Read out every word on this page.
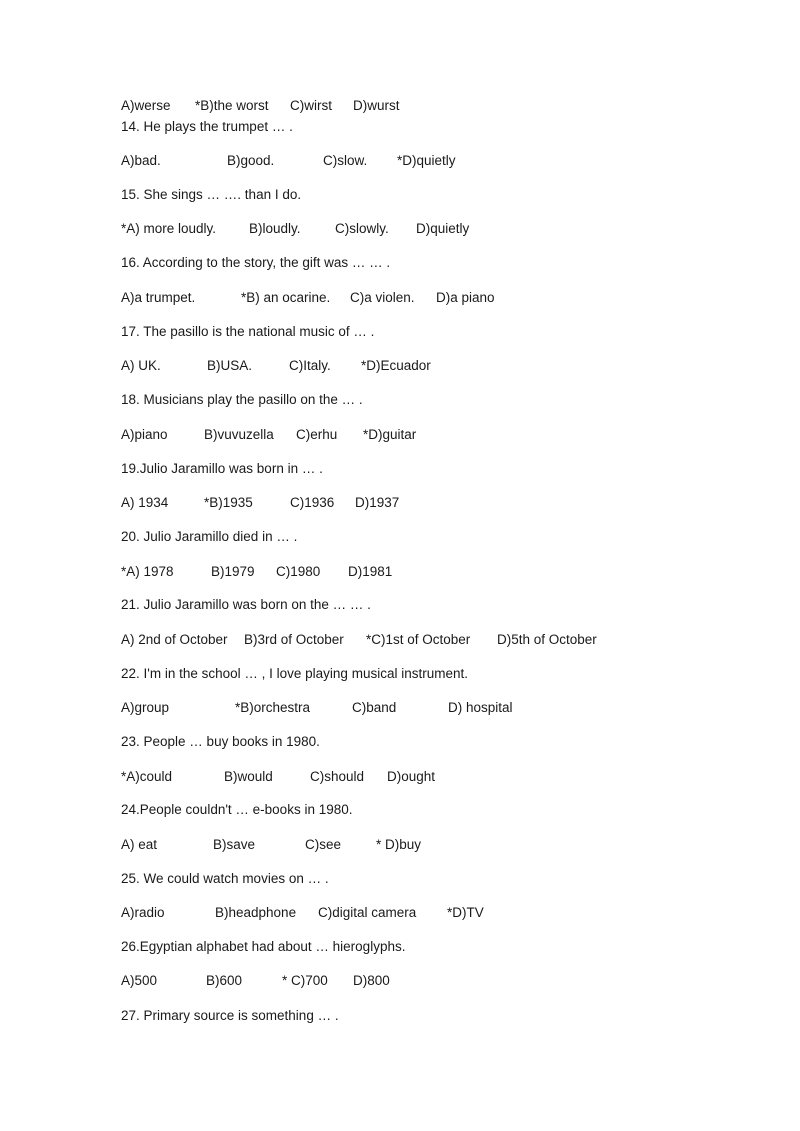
A)werse *B)the worst C)wirst D)wurst
14. He plays the trumpet … .
A)bad.	B)good.	C)slow. *D)quietly
15. She sings … …. than I do.
*A) more loudly. B)loudly.	C)slowly. D)quietly
16. According to the story, the gift was … … .
A)a trumpet.	*B) an ocarine. C)a violen. D)a piano
17. The pasillo is the national music of … .
A) UK.	B)USA.	C)Italy. *D)Ecuador
18. Musicians play the pasillo on the … .
A)piano	B)vuvuzella C)erhu *D)guitar
19.Julio Jaramillo was born in … .
A) 1934	*B)1935	C)1936 D)1937
20. Julio Jaramillo died in … .
*A) 1978	B)1979 C)1980 D)1981
21. Julio Jaramillo was born on the … … .
A) 2nd of October B)3rd of October *C)1st of October D)5th of October
22. I'm in the school … , I love playing musical instrument.
A)group	*B)orchestra	C)band	D) hospital
23. People … buy books in 1980.
*A)could	B)would	C)should D)ought
24.People couldn't … e-books in 1980.
A) eat	B)save	C)see	* D)buy
25. We could watch movies on … .
A)radio	B)headphone C)digital camera *D)TV
26.Egyptian alphabet had about … hieroglyphs.
A)500	B)600	* C)700 D)800
27. Primary source is something … .
